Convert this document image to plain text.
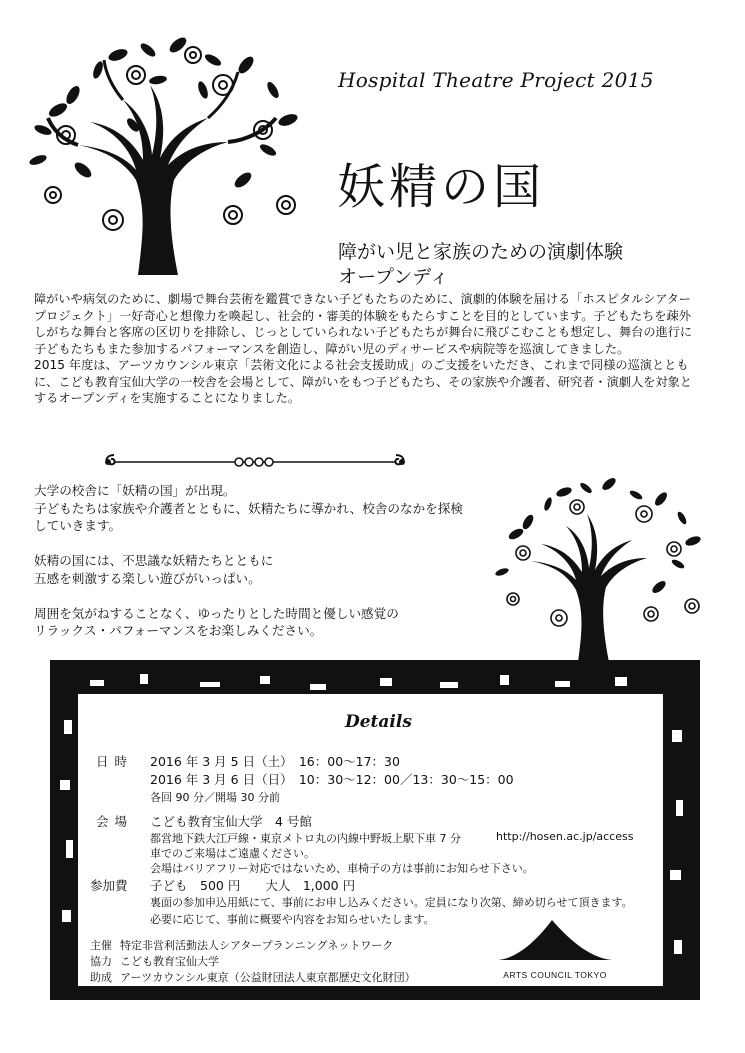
Hospital Theatre Project 2015
妖精の国
障がい児と家族のための演劇体験
オープンディ

障がいや病気のために、劇場で舞台芸術を鑑賞できない子どもたちのために、演劇的体験を届ける「ホスピタルシアター

プロジェクト」一好奇心と想像力を喚起し、社会的・審美的体験をもたらすことを目的としています。子どもたちを疎外

しがちな舞台と客席の区切りを排除し、じっとしていられない子どもたちが舞台に飛びこむことも想定し、舞台の進行に

子どもたちもまた参加するパフォーマンスを創造し、障がい児のディサービスや病院等を巡演してきました。

2015 年度は、アーツカウンシル東京「芸術文化による社会支援助成」のご支援をいただき、これまで同様の巡演ととも

に、こども教育宝仙大学の一校舎を会場として、障がいをもつ子どもたち、その家族や介護者、研究者・演劇人を対象と

するオープンディを実施することになりました。

大学の校舎に「妖精の国」が出現。
子どもたちは家族や介護者とともに、妖精たちに導かれ、校舎のなかを探検
していきます。

妖精の国には、不思議な妖精たちとともに
五感を刺激する楽しい遊びがいっぱい。

周囲を気がねすることなく、ゆったりとした時間と優しい感覚の
リラックス・パフォーマンスをお楽しみください。

Details
日時 2016 年 3 月 5 日（土）　16：00〜17：30
2016 年 3 月 6 日（日）　10：30〜12：00／13：30〜15：00
各回 90 分／開場 30 分前
会場 こども教育宝仙大学　4 号館
都営地下鉄大江戸線・東京メトロ丸の内線中野坂上駅下車 7 分	http://hosen.ac.jp/access
車でのご来場はご遠慮ください。
会場はバリアフリー対応ではないため、車椅子の方は事前にお知らせ下さい。
参加費 子ども　500 円　　大人　1,000 円
裏面の参加申込用紙にて、事前にお申し込みください。定員になり次第、締め切らせて頂きます。
必要に応じて、事前に概要や内容をお知らせいたします。
主催 特定非営利活動法人シアタープランニングネットワーク
協力 こども教育宝仙大学
助成 アーツカウンシル東京（公益財団法人東京都歴史文化財団）	ARTS COUNCIL TOKYO
